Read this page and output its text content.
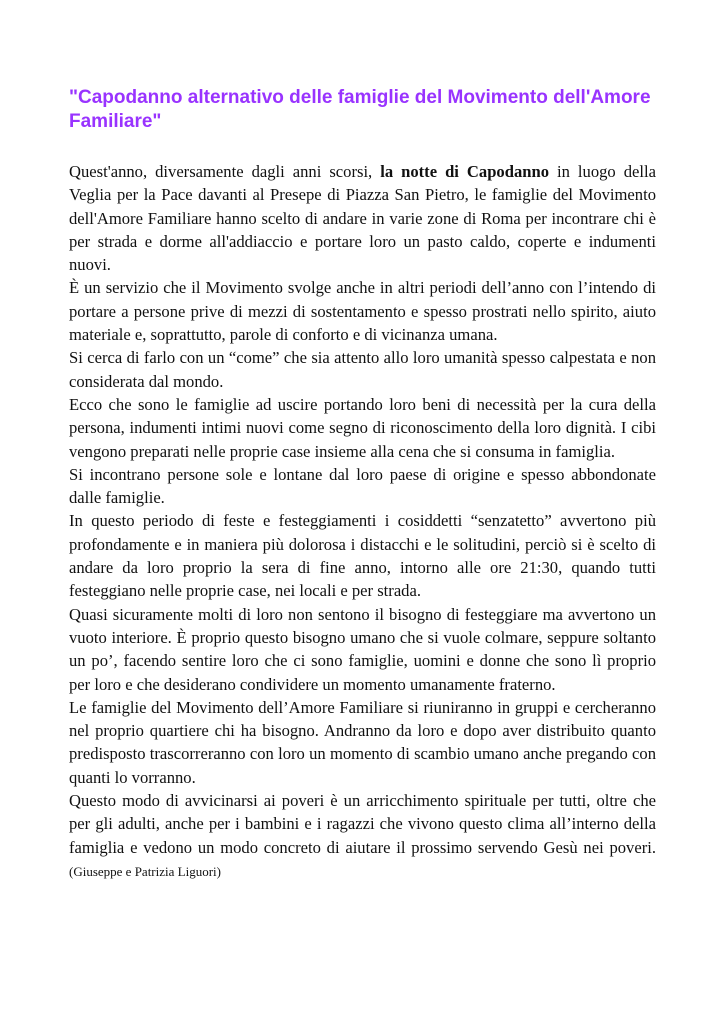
"Capodanno alternativo delle famiglie del Movimento dell'Amore Familiare"

Quest'anno, diversamente dagli anni scorsi, la notte di Capodanno in luogo della Veglia per la Pace davanti al Presepe di Piazza San Pietro, le famiglie del Movimento dell'Amore Familiare hanno scelto di andare in varie zone di Roma per incontrare chi è per strada e dorme all'addiaccio e portare loro un pasto caldo, coperte e indumenti nuovi.

È un servizio che il Movimento svolge anche in altri periodi dell’anno con l’intendo di portare a persone prive di mezzi di sostentamento e spesso prostrati nello spirito, aiuto materiale e, soprattutto, parole di conforto e di vicinanza umana.

Si cerca di farlo con un “come” che sia attento allo loro umanità spesso calpestata e non considerata dal mondo.

Ecco che sono le famiglie ad uscire portando loro beni di necessità per la cura della persona, indumenti intimi nuovi come segno di riconoscimento della loro dignità. I cibi vengono preparati nelle proprie case insieme alla cena che si consuma in famiglia.

Si incontrano persone sole e lontane dal loro paese di origine e spesso abbondonate dalle famiglie.

In questo periodo di feste e festeggiamenti i cosiddetti “senzatetto” avvertono più profondamente e in maniera più dolorosa i distacchi e le solitudini, perciò si è scelto di andare da loro proprio la sera di fine anno, intorno alle ore 21:30, quando tutti festeggiano nelle proprie case, nei locali e per strada.

Quasi sicuramente molti di loro non sentono il bisogno di festeggiare ma avvertono un vuoto interiore. È proprio questo bisogno umano che si vuole colmare, seppure soltanto un po’, facendo sentire loro che ci sono famiglie, uomini e donne che sono lì proprio per loro e che desiderano condividere un momento umanamente fraterno.

Le famiglie del Movimento dell’Amore Familiare si riuniranno in gruppi e cercheranno nel proprio quartiere chi ha bisogno. Andranno da loro e dopo aver distribuito quanto predisposto trascorreranno con loro un momento di scambio umano anche pregando con quanti lo vorranno.

Questo modo di avvicinarsi ai poveri è un arricchimento spirituale per tutti, oltre che per gli adulti, anche per i bambini e i ragazzi che vivono questo clima all’interno della famiglia e vedono un modo concreto di aiutare il prossimo servendo Gesù nei poveri. (Giuseppe e Patrizia Liguori)
